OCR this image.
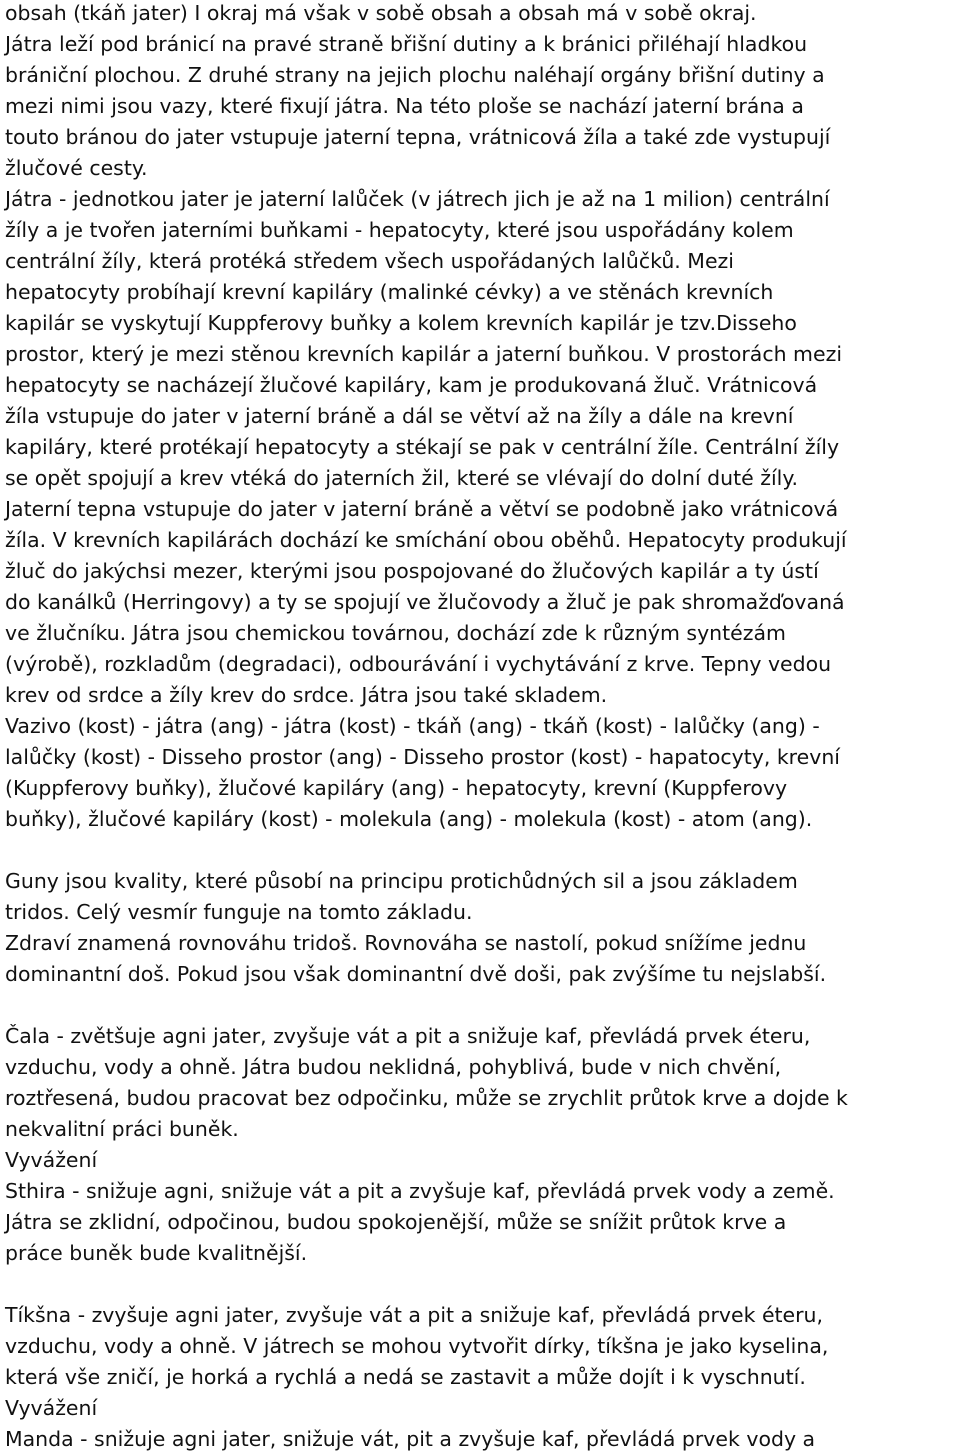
obsah (tkáň jater) I okraj má však v sobě obsah a obsah má v sobě okraj.
Játra leží pod bránicí na pravé straně břišní dutiny a k bránici přiléhají hladkou
brániční plochou. Z druhé strany na jejich plochu naléhají orgány břišní dutiny a
mezi nimi jsou vazy, které fixují játra. Na této ploše se nachází jaterní brána a
touto bránou do jater vstupuje jaterní tepna, vrátnicová žíla a také zde vystupují
žlučové cesty.
Játra - jednotkou jater je jaterní lalůček (v játrech jich je až na 1 milion) centrální
žíly a je tvořen jaterními buňkami - hepatocyty, které jsou uspořádány kolem
centrální žíly, která protéká středem všech uspořádaných lalůčků. Mezi
hepatocyty probíhají krevní kapiláry (malinké cévky) a ve stěnách krevních
kapilár se vyskytují Kuppferovy buňky a kolem krevních kapilár je tzv.Disseho
prostor, který je mezi stěnou krevních kapilár a jaterní buňkou. V prostorách mezi
hepatocyty se nacházejí žlučové kapiláry, kam je produkovaná žluč. Vrátnicová
žíla vstupuje do jater v jaterní bráně a dál se větví až na žíly a dále na krevní
kapiláry, které protékají hepatocyty a stékají se pak v centrální žíle. Centrální žíly
se opět spojují a krev vtéká do jaterních žil, které se vlévají do dolní duté žíly.
Jaterní tepna vstupuje do jater v jaterní bráně a větví se podobně jako vrátnicová
žíla. V krevních kapilárách dochází ke smíchání obou oběhů. Hepatocyty produkují
žluč do jakýchsi mezer, kterými jsou pospojované do žlučových kapilár a ty ústí
do kanálků (Herringovy) a ty se spojují ve žlučovody a žluč je pak shromažďovaná
ve žlučníku. Játra jsou chemickou továrnou, dochází zde k různým syntézám
(výrobě), rozkladům (degradaci), odbourávání i vychytávání z krve. Tepny vedou
krev od srdce a žíly krev do srdce. Játra jsou také skladem.
Vazivo (kost) - játra (ang) - játra (kost) - tkáň (ang) - tkáň (kost) - lalůčky (ang) -
lalůčky (kost) - Disseho prostor (ang) - Disseho prostor (kost) - hapatocyty, krevní
(Kuppferovy buňky), žlučové kapiláry (ang) - hepatocyty, krevní (Kuppferovy
buňky), žlučové kapiláry (kost) - molekula (ang) - molekula (kost) - atom (ang).
Guny jsou kvality, které působí na principu protichůdných sil a jsou základem
tridos. Celý vesmír funguje na tomto základu.
Zdraví znamená rovnováhu tridoš. Rovnováha se nastolí, pokud snížíme jednu
dominantní doš. Pokud jsou však dominantní dvě doši, pak zvýšíme tu nejslabší.
Čala - zvětšuje agni jater, zvyšuje vát a pit a snižuje kaf, převládá prvek éteru,
vzduchu, vody a ohně. Játra budou neklidná, pohyblivá, bude v nich chvění,
roztřesená, budou pracovat bez odpočinku, může se zrychlit průtok krve a dojde k
nekvalitní práci buněk.
Vyvážení
Sthira - snižuje agni, snižuje vát a pit a zvyšuje kaf, převládá prvek vody a země.
Játra se zklidní, odpočinou, budou spokojenější, může se snížit průtok krve a
práce buněk bude kvalitnější.
Tíkšna - zvyšuje agni jater, zvyšuje vát a pit a snižuje kaf, převládá prvek éteru,
vzduchu, vody a ohně. V játrech se mohou vytvořit dírky, tíkšna je jako kyselina,
která vše zničí, je horká a rychlá a nedá se zastavit a může dojít i k vyschnutí.
Vyvážení
Manda - snižuje agni jater, snižuje vát, pit a zvyšuje kaf, převládá prvek vody a
